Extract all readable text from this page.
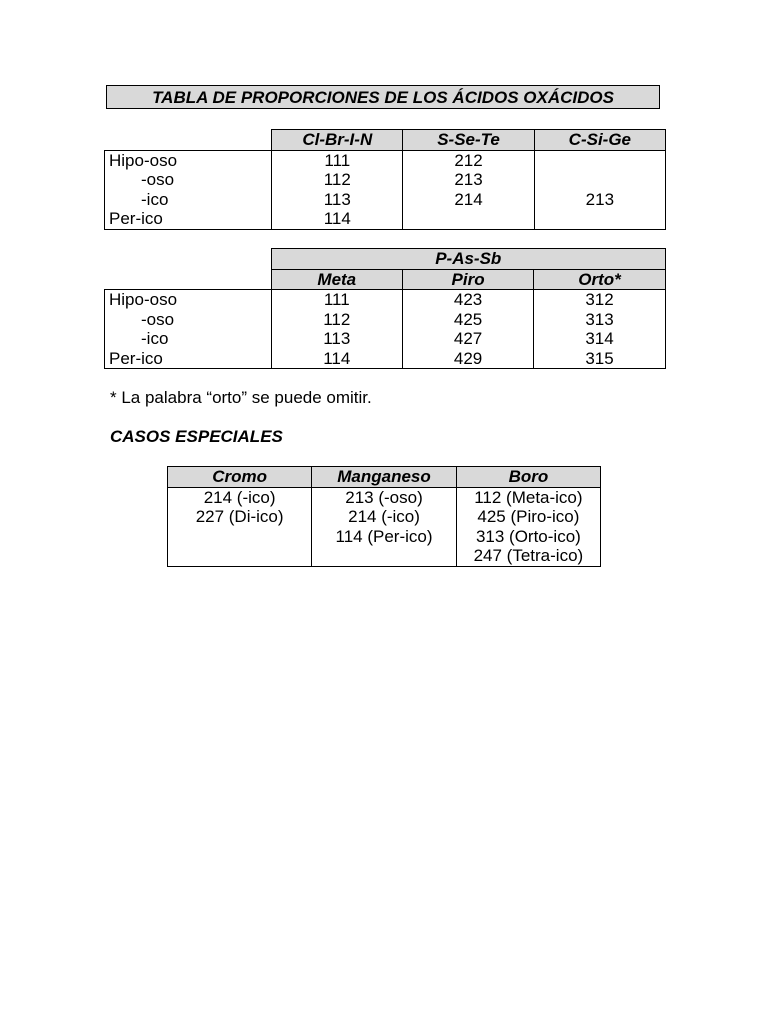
TABLA DE PROPORCIONES DE LOS ÁCIDOS OXÁCIDOS
	Cl-Br-I-N	S-Se-Te	C-Si-Ge
Hipo-oso	111	212	
-oso	112	213	
-ico	113	214	213
Per-ico	114		
	P-As-Sb		
	Meta	Piro	Orto*
Hipo-oso	111	423	312
-oso	112	425	313
-ico	113	427	314
Per-ico	114	429	315
* La palabra “orto” se puede omitir.
CASOS ESPECIALES
Cromo	Manganeso	Boro
214 (-ico)	213 (-oso)	112 (Meta-ico)
227 (Di-ico)	214 (-ico)	425 (Piro-ico)
	114 (Per-ico)	313 (Orto-ico)
		247 (Tetra-ico)
